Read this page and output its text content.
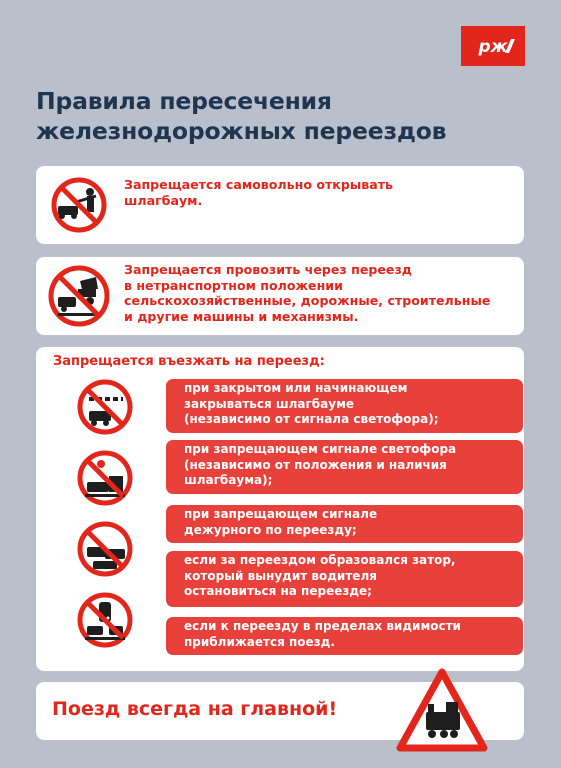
рж
Правила пересечения
железнодорожных переездов
Запрещается самовольно открывать
шлагбаум.
Запрещается провозить через переезд
в нетранспортном положении
сельскохозяйственные, дорожные, строительные
и другие машины и механизмы.
Запрещается въезжать на переезд:
при закрытом или начинающем
закрываться шлагбауме
(независимо от сигнала светофора);
при запрещающем сигнале светофора
(независимо от положения и наличия
шлагбаума);
при запрещающем сигнале
дежурного по переезду;
если за переездом образовался затор,
который вынудит водителя
остановиться на переезде;
если к переезду в пределах видимости
приближается поезд.
Поезд всегда на главной!
